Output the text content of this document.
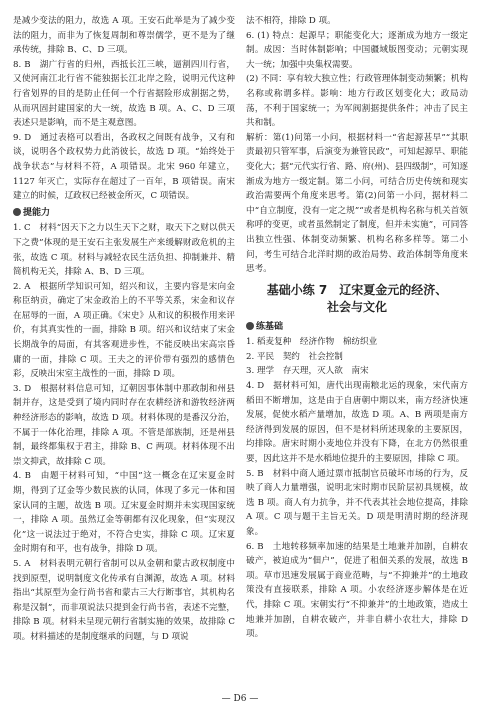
是减少变法的阻力，故选 A 项。王安石此举是为了减少变法的阻力，而非为了恢复周制和尊崇儒学，更不是为了继承传统，排除 B、C、D 三项。

8. B　湖广行省的归州，西抵长江三峡，逼割四川行省，又使河南江北行省不能独据长江北岸之险，说明元代这种行省划界的目的是防止任何一个行省据险形成割据之势，从而巩固封建国家的大一统，故选 B 项。A、C、D 三项表述只是影响，而不是主观意图。

9. D　通过表格可以看出，各政权之间既有战争，又有和谈，说明各个政权势力此消彼长，故选 D 项。“始终处于战争状态”与材料不符，A 项错误。北宋 960 年建立，1127 年灭亡，实际存在超过了一百年，B 项错误。南宋建立的时候，辽政权已经被金所灭，C 项错误。

提能力

1. C　材料“因天下之力以生天下之财，取天下之财以供天下之费”体现的是王安石主张发展生产来缓解财政危机的主张，故选 C 项。材料与减轻农民生活负担、抑制兼并、精简机构无关，排除 A、B、D 三项。

2. A　根据所学知识可知，绍兴和议，主要内容是宋向金称臣纳贡，确定了宋金政治上的不平等关系，宋金和议存在屈辱的一面，A 项正确。《宋史》从和议的积极作用来评价，有其真实性的一面，排除 B 项。绍兴和议结束了宋金长期战争的局面，有其客观进步性，不能反映出宋高宗昏庸的一面，排除 C 项。王夫之的评价带有强烈的感情色彩，反映出宋室主战性的一面，排除 D 项。

3. D　根据材料信息可知，辽朝因事体制中那政制和州县制并存，这是受到了境内同时存在农耕经济和游牧经济两种经济形态的影响，故选 D 项。材料体现的是番汉分治，不属于一体化治理，排除 A 项。不管是部族制，还是州县制，最终都集权于君主，排除 B、C 两项。材料体现不出崇文抑武，故排除 C 项。

4. B　由题干材料可知，“中国”这一概念在辽宋夏金时期，得到了辽金等少数民族的认同，体现了多元一体和国家认同的主题，故选 B 项。辽宋夏金时期并未实现国家统一，排除 A 项。虽然辽金等朝都有汉化现象，但“实现汉化”这一说法过于绝对，不符合史实，排除 C 项。辽宋夏金时期有和平，也有战争，排除 D 项。

5. A　材料表明元朝行省制可以从金朝和蒙古政权制度中找到原型，说明制度文化传承有自渊源，故选 A 项。材料指出“其原型为金行尚书省和蒙古三大行断事官，其机构名称是汉制”，而非项说法只提到金行尚书省，表述不完整，排除 B 项。材料未呈现元朝行省制实施的效果，故排除 C 项。材料描述的是制度继承的问题，与 D 项说

法不相符，排除 D 项。

6. (1) 特点：起源早；职能变化大；逐渐成为地方一级定制。成因：当时体制影响；中国疆域版图变动；元朝实现大一统；加强中央集权需要。

(2) 不同：享有较大独立性；行政管理体制变动频繁；机构名称或称谓多样。影响：地方行政区划变化大；政局动荡，不利于国家统一；为军阀割据提供条件；冲击了民主共和制。

解析：第(1)问第一小问，根据材料一“省起源甚早”“其职责最初只管军事，后演变为兼管民政”，可知起源早、职能变化大；据“元代实行省、路、府(州)、县四级制”，可知逐渐成为地方一级定制。第二小问，可结合历史传统和现实政治需要两个角度来思考。第(2)问第一小问，据材料二中“自立制度，没有一定之规”“或者是机构名称与机关首领称呼的变更，或者虽然制定了制度，但并未实施”，可同答出独立性强、体制变动频繁、机构名称多样等。第二小问，考生可结合北洋时期的政治局势、政治体制等角度来思考。

基础小练 7　辽宋夏金元的经济、
社会与文化
练基础

1. 稻麦复种　经济作物　棉纺织业

2. 平民　契约　社会控制

3. 理学　存天理，灭人欲　南宋

4. D　据材料可知，唐代出现南粮北运的现象，宋代南方稻田不断增加，这是由于自唐朝中期以来，南方经济快速发展，促使水稻产量增加，故选 D 项。A、B 两项是南方经济得到发展的原因，但不是材料所述现象的主要原因，均排除。唐宋时期小麦地位并没有下降，在北方仍然很重要，因此这并不是水稻地位提升的主要原因，排除 C 项。

5. B　材料中商人通过票市抵制官员破坏市场的行为，反映了商人力量增强，说明北宋时期市民阶层初具规模，故选 B 项。商人有力抗争，并不代表其社会地位提高，排除 A 项。C 项与题干主旨无关。D 项是明清时期的经济现象。

6. B　土地转移频率加速的结果是土地兼并加剧，自耕农破产，被迫成为“佃户”，促进了租佃关系的发展，故选 B 项。草市迅速发展属于商业范畴，与“不抑兼并”的土地政策没有直接联系，排除 A 项。小农经济逐步解体是在近代，排除 C 项。宋朝实行“不抑兼并”的土地政策，造成土地兼并加剧，自耕农破产，并非自耕小农壮大，排除 D 项。

— D6 —
